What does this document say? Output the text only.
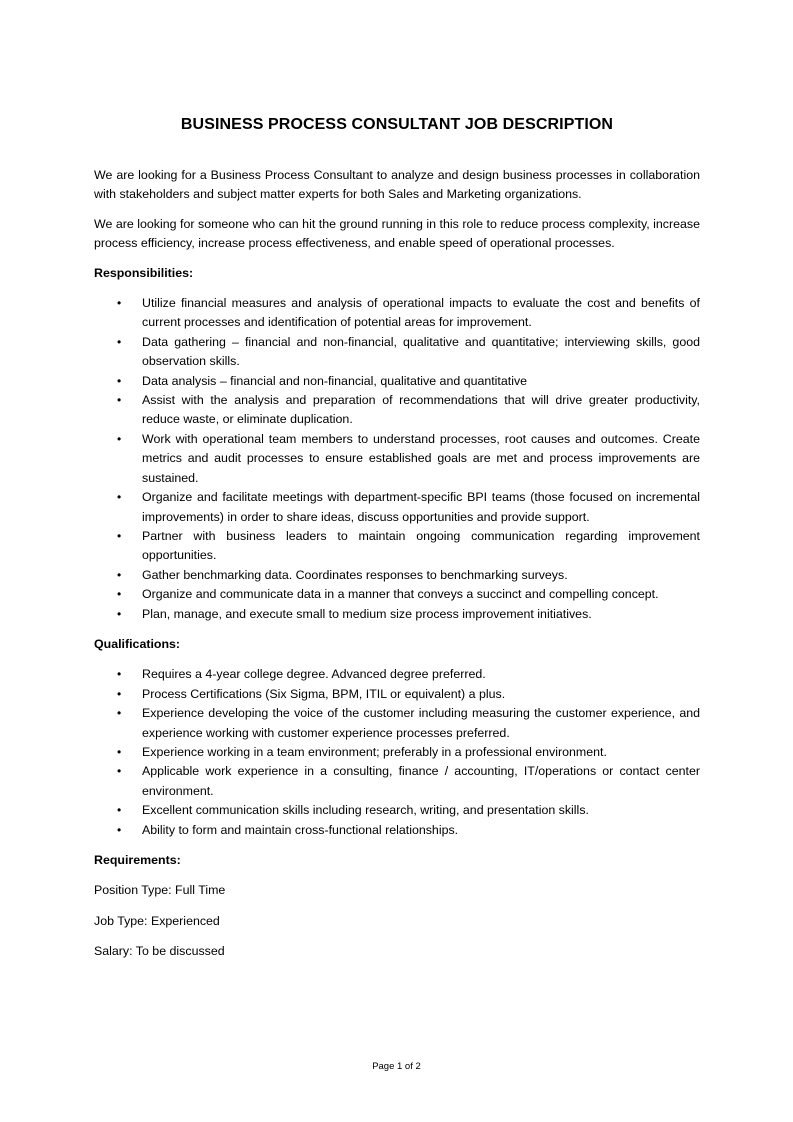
BUSINESS PROCESS CONSULTANT JOB DESCRIPTION

We are looking for a Business Process Consultant to analyze and design business processes in collaboration with stakeholders and subject matter experts for both Sales and Marketing organizations.

We are looking for someone who can hit the ground running in this role to reduce process complexity, increase process efficiency, increase process effectiveness, and enable speed of operational processes.

Responsibilities:
• Utilize financial measures and analysis of operational impacts to evaluate the cost and benefits of current processes and identification of potential areas for improvement.
• Data gathering – financial and non-financial, qualitative and quantitative; interviewing skills, good observation skills.
• Data analysis – financial and non-financial, qualitative and quantitative
• Assist with the analysis and preparation of recommendations that will drive greater productivity, reduce waste, or eliminate duplication.
• Work with operational team members to understand processes, root causes and outcomes. Create metrics and audit processes to ensure established goals are met and process improvements are sustained.
• Organize and facilitate meetings with department-specific BPI teams (those focused on incremental improvements) in order to share ideas, discuss opportunities and provide support.
• Partner with business leaders to maintain ongoing communication regarding improvement opportunities.
• Gather benchmarking data. Coordinates responses to benchmarking surveys.
• Organize and communicate data in a manner that conveys a succinct and compelling concept.
• Plan, manage, and execute small to medium size process improvement initiatives.
Qualifications:
• Requires a 4-year college degree. Advanced degree preferred.
• Process Certifications (Six Sigma, BPM, ITIL or equivalent) a plus.
• Experience developing the voice of the customer including measuring the customer experience, and experience working with customer experience processes preferred.
• Experience working in a team environment; preferably in a professional environment.
• Applicable work experience in a consulting, finance / accounting, IT/operations or contact center environment.
• Excellent communication skills including research, writing, and presentation skills.
• Ability to form and maintain cross-functional relationships.
Requirements:
Position Type: Full Time
Job Type: Experienced
Salary: To be discussed
Page 1 of 2
